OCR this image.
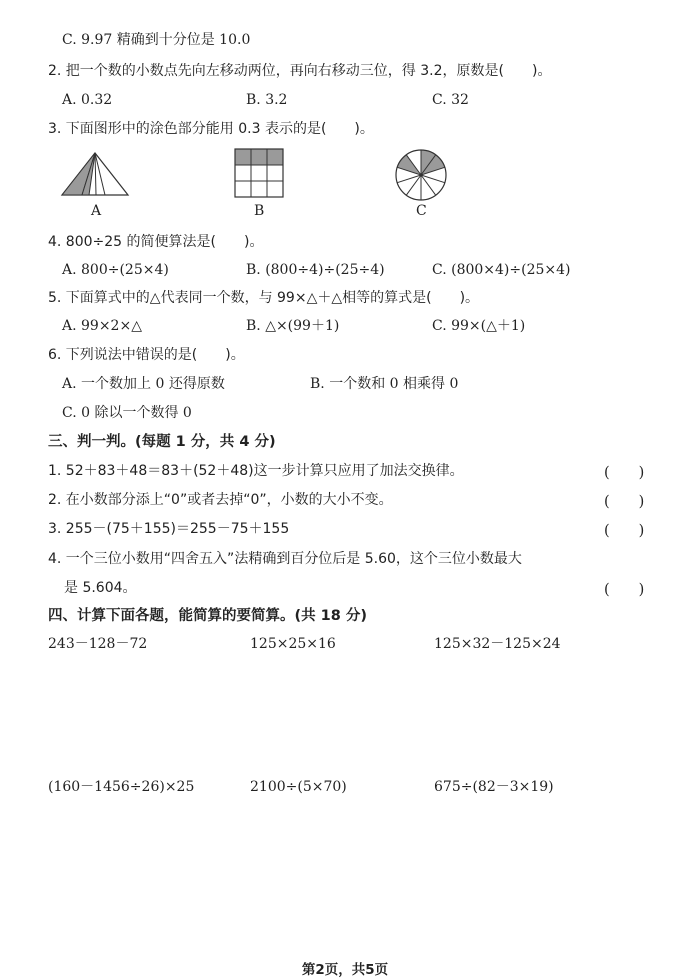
C. 9.97 精确到十分位是 10.0
2. 把一个数的小数点先向左移动两位，再向右移动三位，得 3.2，原数是(　　)。
A. 0.32	B. 3.2	C. 32
3. 下面图形中的涂色部分能用 0.3 表示的是(　　)。
A	B	C
4. 800÷25 的简便算法是(　　)。
A. 800÷(25×4)	B. (800÷4)÷(25÷4)	C. (800×4)÷(25×4)
5. 下面算式中的△代表同一个数，与 99×△＋△相等的算式是(　　)。
A. 99×2×△	B. △×(99＋1)	C. 99×(△＋1)
6. 下列说法中错误的是(　　)。
A. 一个数加上 0 还得原数	B. 一个数和 0 相乘得 0
C. 0 除以一个数得 0
三、判一判。(每题 1 分，共 4 分)
1. 52＋83＋48＝83＋(52＋48)这一步计算只应用了加法交换律。	(　　)
2. 在小数部分添上“0”或者去掉“0”，小数的大小不变。	(　　)
3. 255－(75＋155)＝255－75＋155	(　　)
4. 一个三位小数用“四舍五入”法精确到百分位后是 5.60，这个三位小数最大
是 5.604。	(　　)
四、计算下面各题，能简算的要简算。(共 18 分)
243－128－72	125×25×16	125×32－125×24
(160－1456÷26)×25	2100÷(5×70)	675÷(82－3×19)
第2页，共5页
